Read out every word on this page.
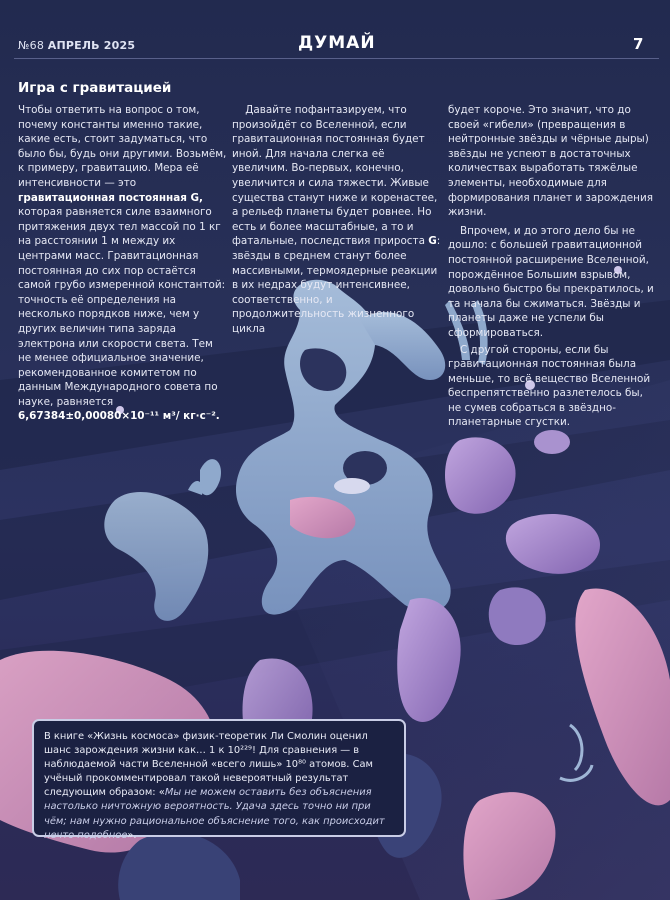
№68 АПРЕЛЬ 2025	ДУМАЙ	7
Игра с гравитацией

Чтобы ответить на вопрос о том, почему константы именно такие, какие есть, стоит задуматься, что было бы, будь они другими. Возьмём, к примеру, гравитацию. Мера её интенсивности — это гравитационная постоянная G, которая равняется силе взаимного притяжения двух тел массой по 1 кг на расстоянии 1 м между их центрами масс. Гравитационная постоянная до сих пор остаётся самой грубо измеренной константой: точность её определения на несколько порядков ниже, чем у других величин типа заряда электрона или скорости света. Тем не менее официальное значение, рекомендованное комитетом по данным Международного совета по науке, равняется 6,67384±0,00080×10⁻¹¹ м³/ кг·с⁻².

Давайте пофантазируем, что произойдёт со Вселенной, если гравитационная постоянная будет иной. Для начала слегка её увеличим. Во-первых, конечно, увеличится и сила тяжести. Живые существа станут ниже и коренастее, а рельеф планеты будет ровнее. Но есть и более масштабные, а то и фатальные, последствия прироста G: звёзды в среднем станут более массивными, термоядерные реакции в их недрах будут интенсивнее, соответственно, и продолжительность жизненного цикла

будет короче. Это значит, что до своей «гибели» (превращения в нейтронные звёзды и чёрные дыры) звёзды не успеют в достаточных количествах выработать тяжёлые элементы, необходимые для формирования планет и зарождения жизни.

Впрочем, и до этого дело бы не дошло: с большей гравитационной постоянной расширение Вселенной, порождённое Большим взрывом, довольно быстро бы прекратилось, и та начала бы сжиматься. Звёзды и планеты даже не успели бы сформироваться.

С другой стороны, если бы гравитационная постоянная была меньше, то всё вещество Вселенной беспрепятственно разлетелось бы, не сумев собраться в звёздно-планетарные сгустки.

В книге «Жизнь космоса» физик-теоретик Ли Смолин оценил шанс зарождения жизни как… 1 к 10²²⁹! Для сравнения — в наблюдаемой части Вселенной «всего лишь» 10⁸⁰ атомов. Сам учёный прокомментировал такой невероятный результат следующим образом: «Мы не можем оставить без объяснения настолько ничтожную вероятность. Удача здесь точно ни при чём; нам нужно рациональное объяснение того, как происходит нечто подобное».
